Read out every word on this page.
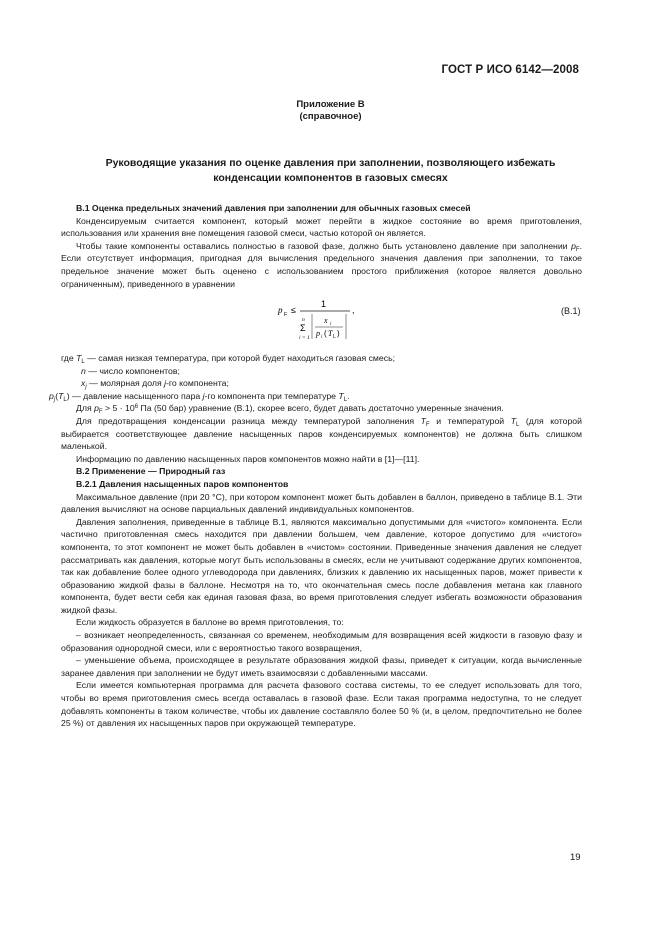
ГОСТ Р ИСО 6142—2008
Приложение В
(справочное)
Руководящие указания по оценке давления при заполнении, позволяющего избежать
конденсации компонентов в газовых смесях

В.1 Оценка предельных значений давления при заполнении для обычных газовых смесей

Конденсируемым считается компонент, который может перейти в жидкое состояние во время приготовления, использования или хранения вне помещения газовой смеси, частью которой он является.

Чтобы такие компоненты оставались полностью в газовой фазе, должно быть установлено давление при заполнении $p_F$. Если отсутствует информация, пригодная для вычисления предельного значения давления при заполнении, то такое предельное значение может быть оценено с использованием простого приближения (которое является довольно ограниченным), приведенного в уравнении

p F ≤
1
n
Σ
i = 1
x i
p i ( T L )
,	(В.1)
где $T_L$ — самая низкая температура, при которой будет находиться газовая смесь;
n — число компонентов;
$x_j$ — молярная доля j-го компонента;
$p_j(T_L)$ — давление насыщенного пара j-го компонента при температуре $T_L$.

Для $p_F > 5 \cdot 10^6$ Па (50 бар) уравнение (В.1), скорее всего, будет давать достаточно умеренные значения.

Для предотвращения конденсации разница между температурой заполнения $T_F$ и температурой $T_L$ (для которой выбирается соответствующее давление насыщенных паров конденсируемых компонентов) не должна быть слишком маленькой.

Информацию по давлению насыщенных паров компонентов можно найти в [1]—[11].

В.2 Применение — Природный газ

В.2.1 Давления насыщенных паров компонентов

Максимальное давление (при 20 °С), при котором компонент может быть добавлен в баллон, приведено в таблице В.1. Эти давления вычисляют на основе парциальных давлений индивидуальных компонентов.

Давления заполнения, приведенные в таблице В.1, являются максимально допустимыми для «чистого» компонента. Если частично приготовленная смесь находится при давлении большем, чем давление, которое допустимо для «чистого» компонента, то этот компонент не может быть добавлен в «чистом» состоянии. Приведенные значения давления не следует рассматривать как давления, которые могут быть использованы в смесях, если не учитывают содержание других компонентов, так как добавление более одного углеводорода при давлениях, близких к давлению их насыщенных паров, может привести к образованию жидкой фазы в баллоне. Несмотря на то, что окончательная смесь после добавления метана как главного компонента, будет вести себя как единая газовая фаза, во время приготовления следует избегать возможности образования жидкой фазы.

Если жидкость образуется в баллоне во время приготовления, то:

– возникает неопределенность, связанная со временем, необходимым для возвращения всей жидкости в газовую фазу и образования однородной смеси, или с вероятностью такого возвращения,

– уменьшение объема, происходящее в результате образования жидкой фазы, приведет к ситуации, когда вычисленные заранее давления при заполнении не будут иметь взаимосвязи с добавленными массами.

Если имеется компьютерная программа для расчета фазового состава системы, то ее следует использовать для того, чтобы во время приготовления смесь всегда оставалась в газовой фазе. Если такая программа недоступна, то не следует добавлять компоненты в таком количестве, чтобы их давление составляло более 50 % (и, в целом, предпочтительно не более 25 %) от давления их насыщенных паров при окружающей температуре.

19
